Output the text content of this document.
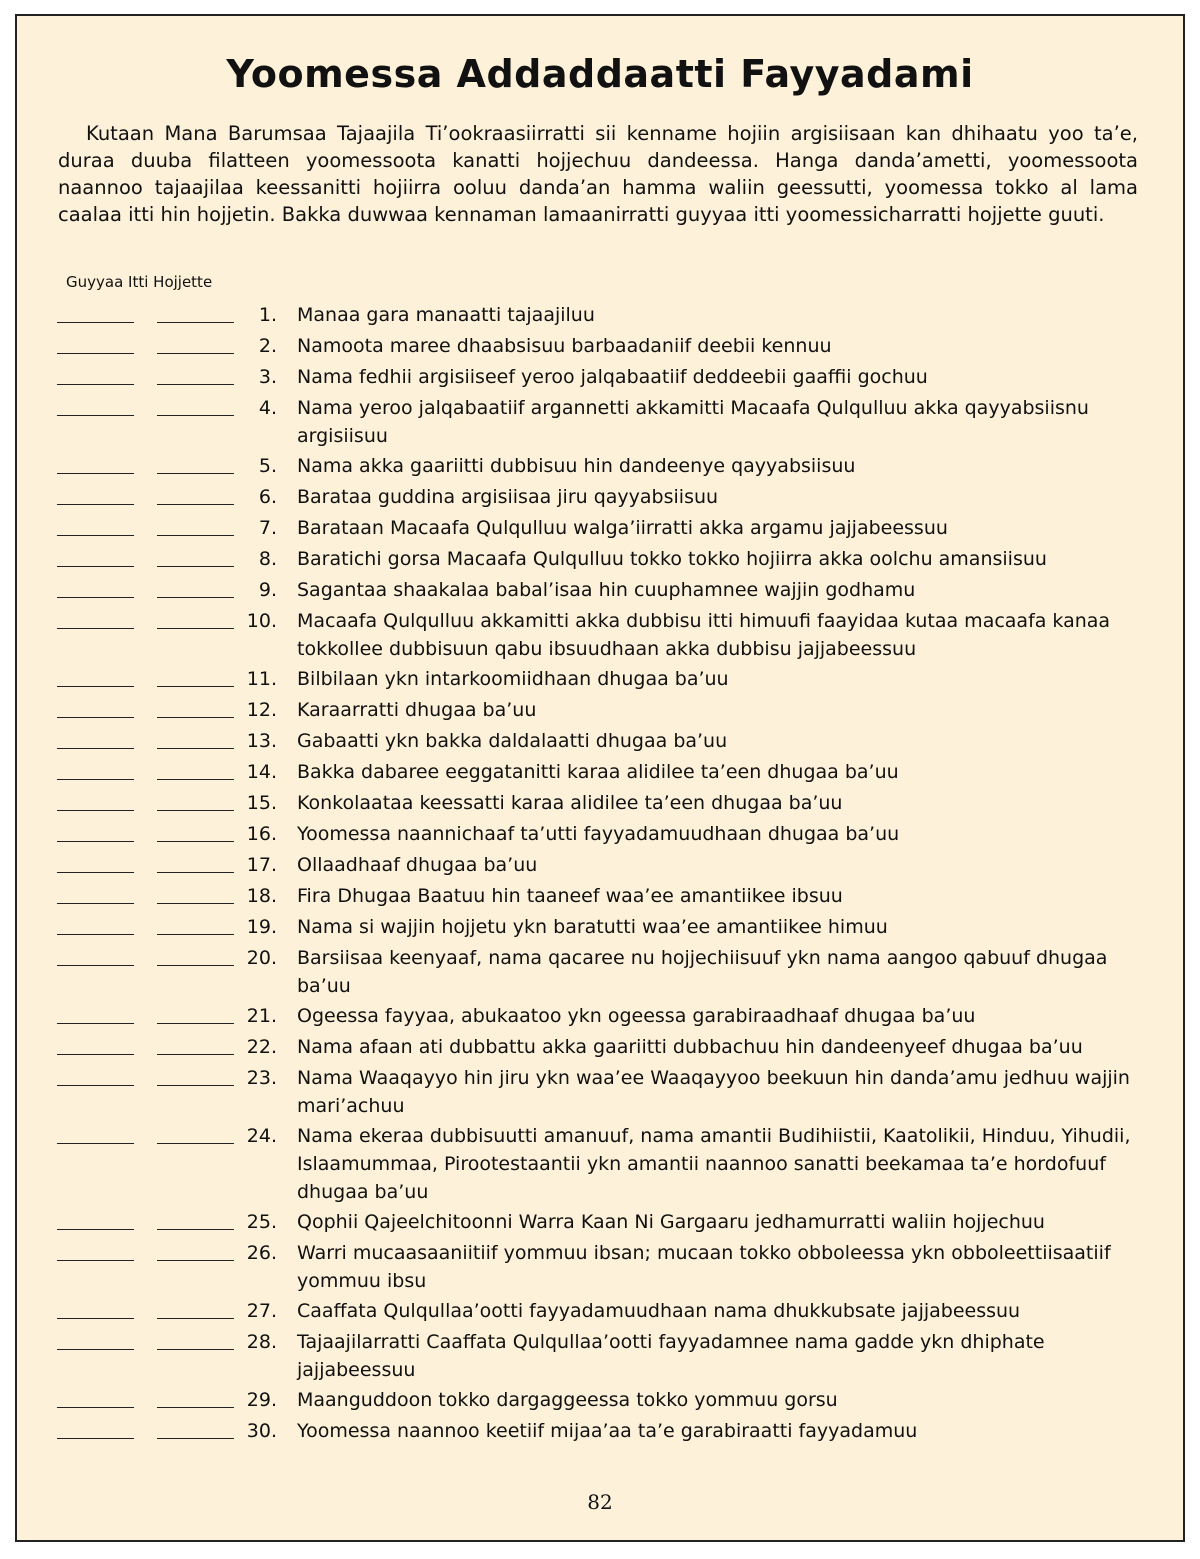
Yoomessa Addaddaatti Fayyadami

Kutaan Mana Barumsaa Tajaajila Ti’ookraasiirratti sii kenname hojiin argisiisaan kan dhihaatu yoo ta’e, duraa duuba filatteen yoomessoota kanatti hojjechuu dandeessa. Hanga danda’ametti, yoomessoota naannoo tajaajilaa keessanitti hojiirra ooluu danda’an hamma waliin geessutti, yoomessa tokko al lama caalaa itti hin hojjetin. Bakka duwwaa kennaman lamaanirratti guyyaa itti yoomessicharratti hojjette guuti.

Guyyaa Itti Hojjette
1. Manaa gara manaatti tajaajiluu
2. Namoota maree dhaabsisuu barbaadaniif deebii kennuu
3. Nama fedhii argisiiseef yeroo jalqabaatiif deddeebii gaaffii gochuu
4. Nama yeroo jalqabaatiif argannetti akkamitti Macaafa Qulqulluu akka qayyabsiisnu argisiisuu
5. Nama akka gaariitti dubbisuu hin dandeenye qayyabsiisuu
6. Barataa guddina argisiisaa jiru qayyabsiisuu
7. Barataan Macaafa Qulqulluu walga’iirratti akka argamu jajjabeessuu
8. Baratichi gorsa Macaafa Qulqulluu tokko tokko hojiirra akka oolchu amansiisuu
9. Sagantaa shaakalaa babal’isaa hin cuuphamnee wajjin godhamu
10. Macaafa Qulqulluu akkamitti akka dubbisu itti himuufi faayidaa kutaa macaafa kanaa tokkollee dubbisuun qabu ibsuudhaan akka dubbisu jajjabeessuu
11. Bilbilaan ykn intarkoomiidhaan dhugaa ba’uu
12. Karaarratti dhugaa ba’uu
13. Gabaatti ykn bakka daldalaatti dhugaa ba’uu
14. Bakka dabaree eeggatanitti karaa alidilee ta’een dhugaa ba’uu
15. Konkolaataa keessatti karaa alidilee ta’een dhugaa ba’uu
16. Yoomessa naannichaaf ta’utti fayyadamuudhaan dhugaa ba’uu
17. Ollaadhaaf dhugaa ba’uu
18. Fira Dhugaa Baatuu hin taaneef waa’ee amantiikee ibsuu
19. Nama si wajjin hojjetu ykn baratutti waa’ee amantiikee himuu
20. Barsiisaa keenyaaf, nama qacaree nu hojjechiisuuf ykn nama aangoo qabuuf dhugaa ba’uu
21. Ogeessa fayyaa, abukaatoo ykn ogeessa garabiraadhaaf dhugaa ba’uu
22. Nama afaan ati dubbattu akka gaariitti dubbachuu hin dandeenyeef dhugaa ba’uu
23. Nama Waaqayyo hin jiru ykn waa’ee Waaqayyoo beekuun hin danda’amu jedhuu wajjin mari’achuu
24. Nama ekeraa dubbisuutti amanuuf, nama amantii Budihiistii, Kaatolikii, Hinduu, Yihudii, Islaamummaa, Pirootestaantii ykn amantii naannoo sanatti beekamaa ta’e hordofuuf dhugaa ba’uu
25. Qophii Qajeelchitoonni Warra Kaan Ni Gargaaru jedhamurratti waliin hojjechuu
26. Warri mucaasaaniitiif yommuu ibsan; mucaan tokko obboleessa ykn obboleettiisaatiif yommuu ibsu
27. Caaffata Qulqullaa’ootti fayyadamuudhaan nama dhukkubsate jajjabeessuu
28. Tajaajilarratti Caaffata Qulqullaa’ootti fayyadamnee nama gadde ykn dhiphate jajjabeessuu
29. Maanguddoon tokko dargaggeessa tokko yommuu gorsu
30. Yoomessa naannoo keetiif mijaa’aa ta’e garabiraatti fayyadamuu
82
